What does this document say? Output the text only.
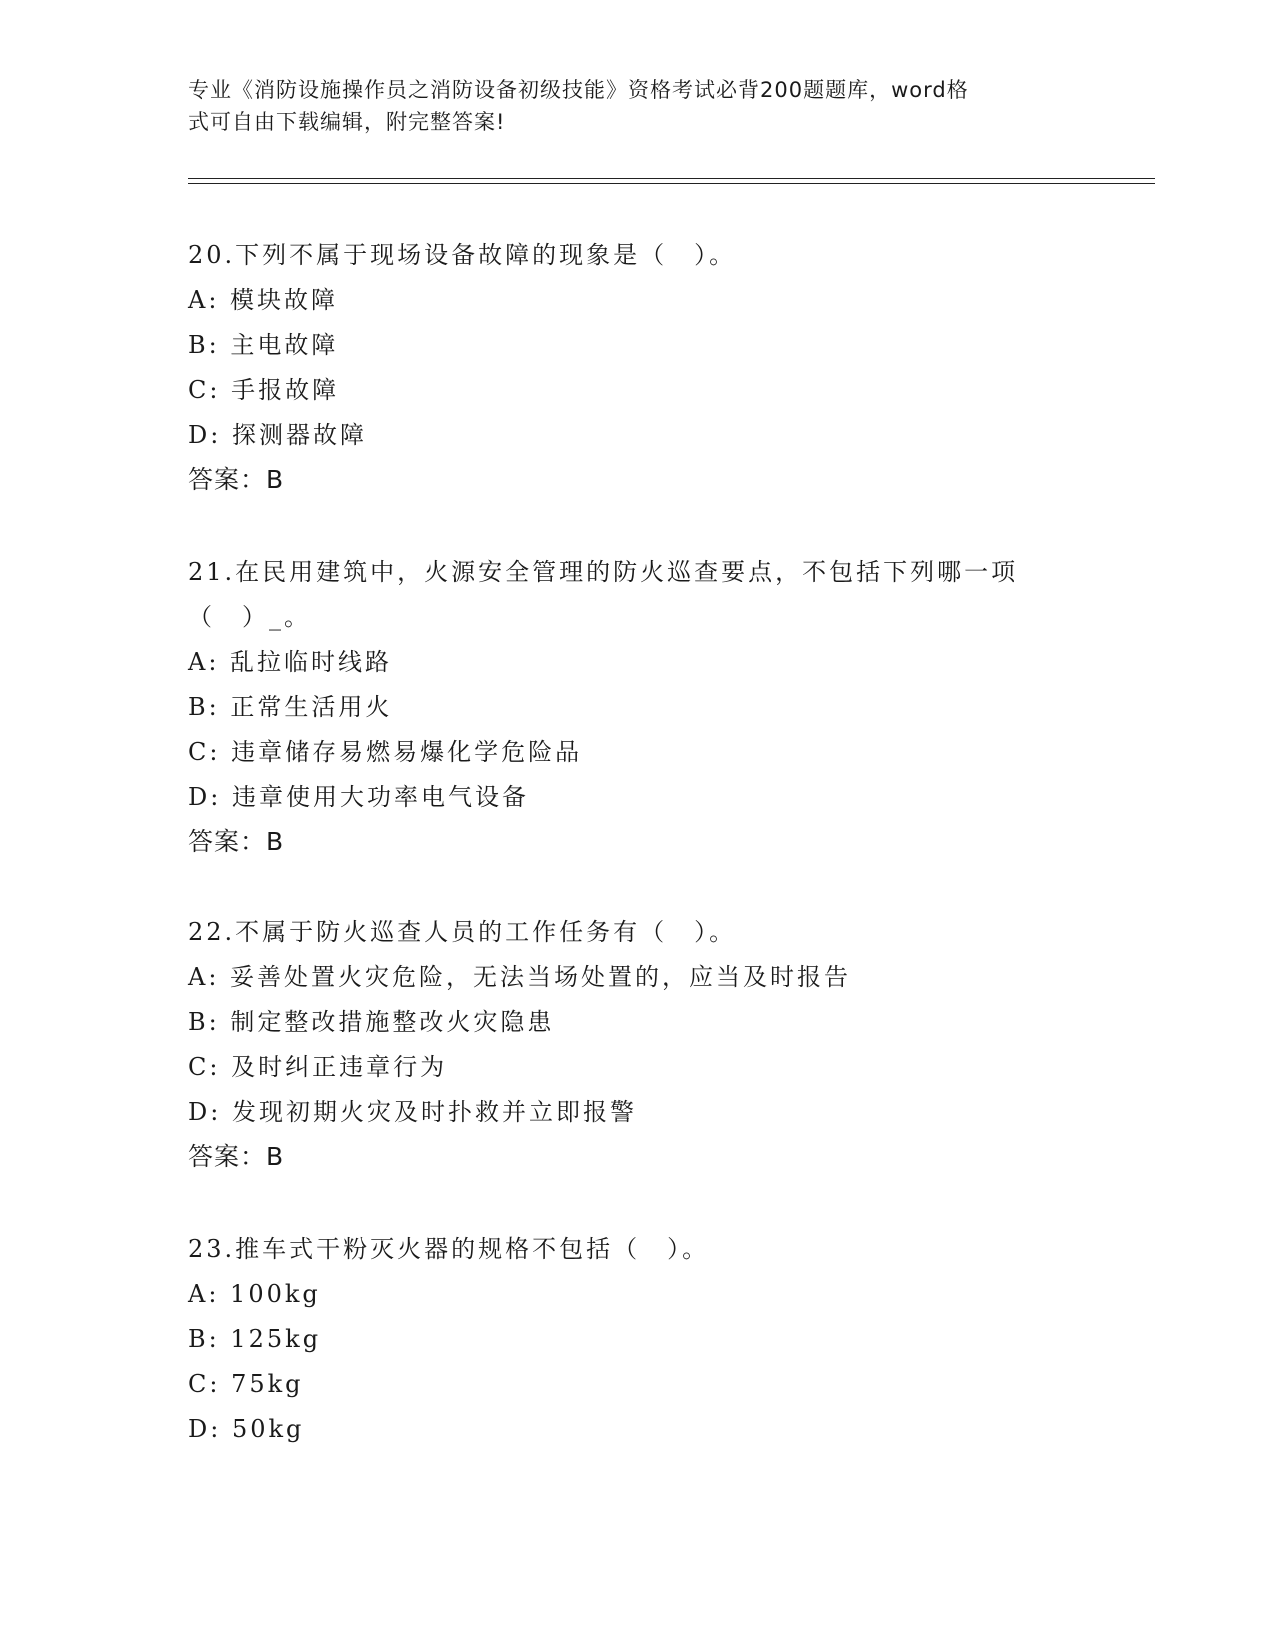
专业《消防设施操作员之消防设备初级技能》资格考试必背200题题库，word格
式可自由下载编辑，附完整答案!
20.下列不属于现场设备故障的现象是（　）。
A: 模块故障
B: 主电故障
C: 手报故障
D: 探测器故障
答案：B
21.在民用建筑中，火源安全管理的防火巡查要点，不包括下列哪一项
（　）_。
A: 乱拉临时线路
B: 正常生活用火
C: 违章储存易燃易爆化学危险品
D: 违章使用大功率电气设备
答案：B
22.不属于防火巡查人员的工作任务有（　）。
A: 妥善处置火灾危险，无法当场处置的，应当及时报告
B: 制定整改措施整改火灾隐患
C: 及时纠正违章行为
D: 发现初期火灾及时扑救并立即报警
答案：B
23.推车式干粉灭火器的规格不包括（　）。
A: 100kg
B: 125kg
C: 75kg
D: 50kg
